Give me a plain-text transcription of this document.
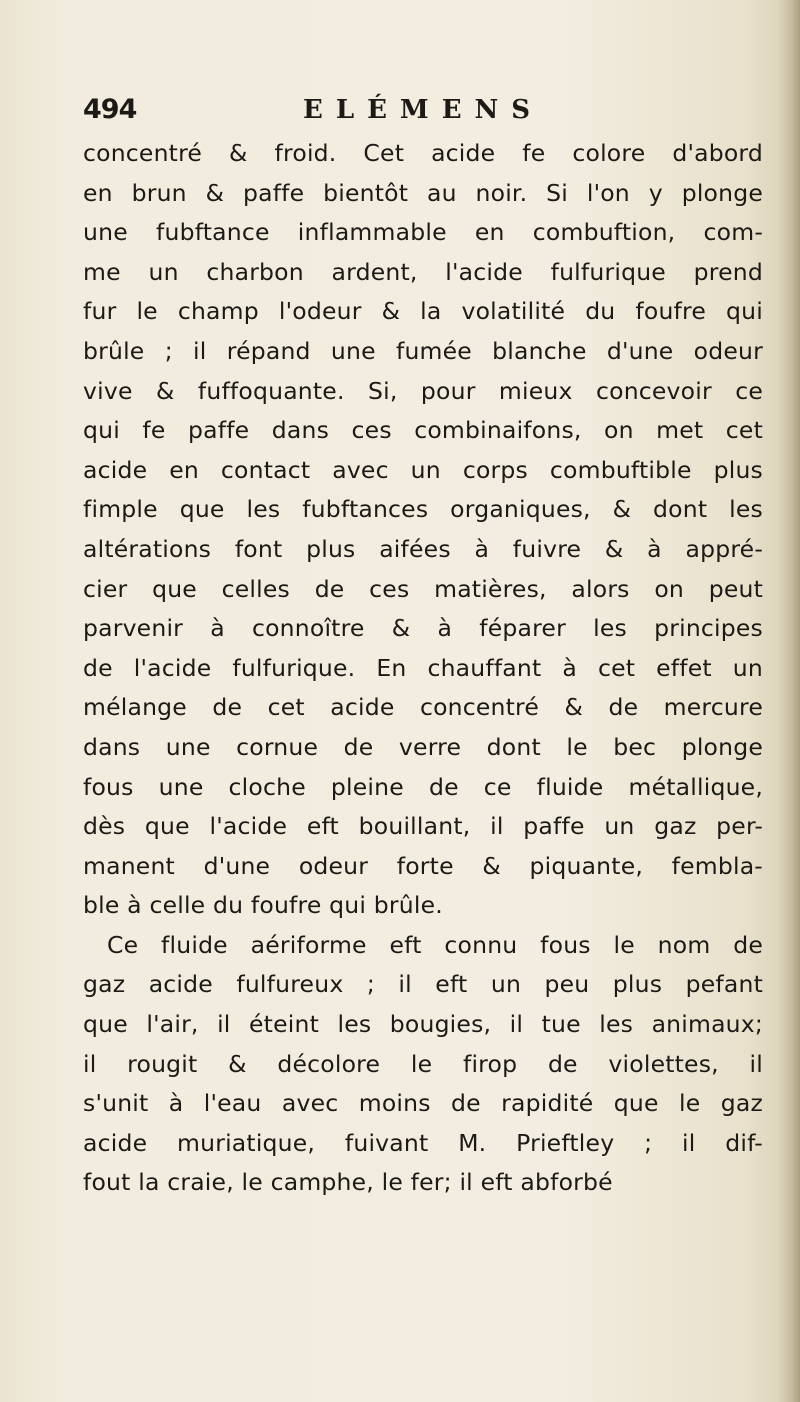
494	ELÉMENS
concentré & froid. Cet acide fe colore d'abord
en brun & paffe bientôt au noir. Si l'on y plonge
une fubftance inflammable en combuftion, com-
me un charbon ardent, l'acide fulfurique prend
fur le champ l'odeur & la volatilité du foufre qui
brûle ; il répand une fumée blanche d'une odeur
vive & fuffoquante. Si, pour mieux concevoir ce
qui fe paffe dans ces combinaifons, on met cet
acide en contact avec un corps combuftible plus
fimple que les fubftances organiques, & dont les
altérations font plus aifées à fuivre & à appré-
cier que celles de ces matières, alors on peut
parvenir à connoître & à féparer les principes
de l'acide fulfurique. En chauffant à cet effet un
mélange de cet acide concentré & de mercure
dans une cornue de verre dont le bec plonge
fous une cloche pleine de ce fluide métallique,
dès que l'acide eft bouillant, il paffe un gaz per-
manent d'une odeur forte & piquante, fembla-
ble à celle du foufre qui brûle.
Ce fluide aériforme eft connu fous le nom de
gaz acide fulfureux ; il eft un peu plus pefant
que l'air, il éteint les bougies, il tue les animaux;
il rougit & décolore le firop de violettes, il
s'unit à l'eau avec moins de rapidité que le gaz
acide muriatique, fuivant M. Prieftley ; il dif-
fout la craie, le camphe, le fer; il eft abforbé
